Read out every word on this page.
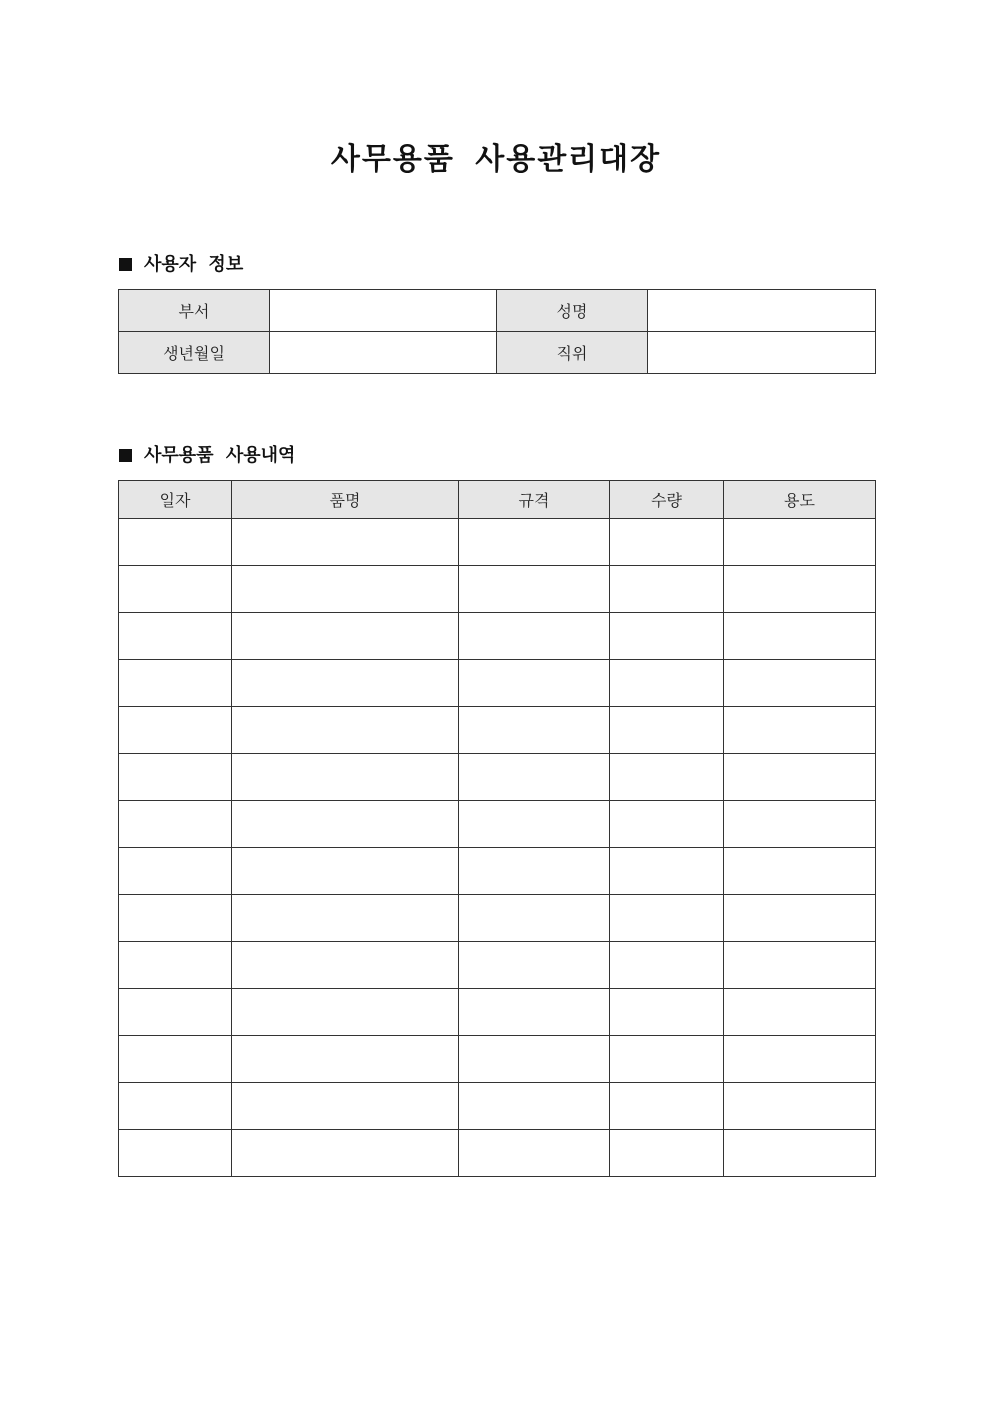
사무용품 사용관리대장
사용자 정보
부서		성명	
생년월일		직위	
사무용품 사용내역
일자	품명	규격	수량	용도
